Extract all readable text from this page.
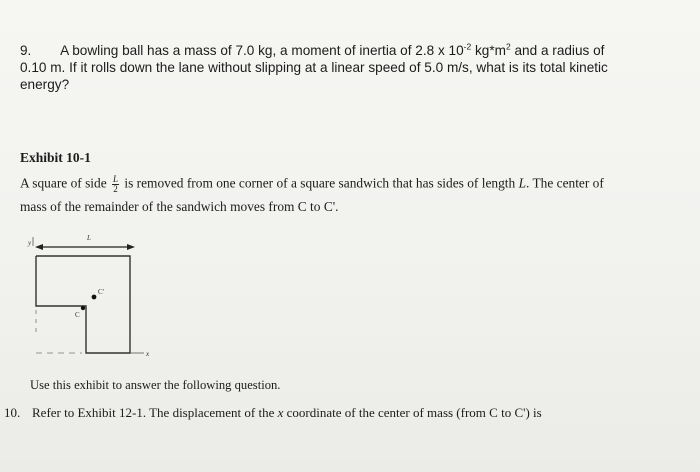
9. A bowling ball has a mass of 7.0 kg, a moment of inertia of 2.8 x $10^{-2}$ $kg*m^2$ and a radius of
0.10 m. If it rolls down the lane without slipping at a linear speed of 5.0 m/s, what is its total kinetic
energy?
Exhibit 10-1
A square of side $\frac{L}{2}$ is removed from one corner of a square sandwich that has sides of length L. The center of
mass of the remainder of the sandwich moves from C to C'.
y
L
x
C'
C
Use this exhibit to answer the following question.
10. Refer to Exhibit 12-1. The displacement of the x coordinate of the center of mass (from C to C') is
